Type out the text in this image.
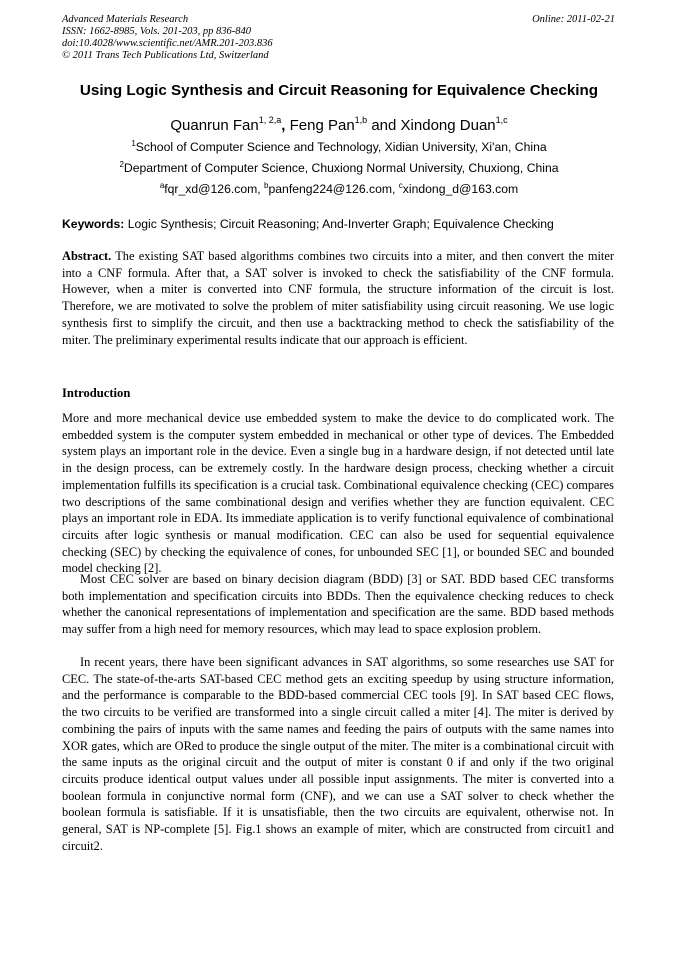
Advanced Materials Research
ISSN: 1662-8985, Vols. 201-203, pp 836-840
doi:10.4028/www.scientific.net/AMR.201-203.836
© 2011 Trans Tech Publications Ltd, Switzerland
Online: 2011-02-21
Using Logic Synthesis and Circuit Reasoning for Equivalence Checking
Quanrun Fan$^{1, 2,a}$, Feng Pan$^{1,b}$ and Xindong Duan$^{1,c}$
$^1$School of Computer Science and Technology, Xidian University, Xi'an, China
$^2$Department of Computer Science, Chuxiong Normal University, Chuxiong, China
$^a$fqr_xd@126.com, $^b$panfeng224@126.com, $^c$xindong_d@163.com
Keywords: Logic Synthesis; Circuit Reasoning; And-Inverter Graph; Equivalence Checking
Abstract. The existing SAT based algorithms combines two circuits into a miter, and then convert the miter into a CNF formula. After that, a SAT solver is invoked to check the satisfiability of the CNF formula. However, when a miter is converted into CNF formula, the structure information of the circuit is lost. Therefore, we are motivated to solve the problem of miter satisfiability using circuit reasoning. We use logic synthesis first to simplify the circuit, and then use a backtracking method to check the satisfiability of the miter. The preliminary experimental results indicate that our approach is efficient.
Introduction
More and more mechanical device use embedded system to make the device to do complicated work. The embedded system is the computer system embedded in mechanical or other type of devices. The Embedded system plays an important role in the device. Even a single bug in a hardware design, if not detected until late in the design process, can be extremely costly. In the hardware design process, checking whether a circuit implementation fulfills its specification is a crucial task. Combinational equivalence checking (CEC) compares two descriptions of the same combinational design and verifies whether they are function equivalent. CEC plays an important role in EDA. Its immediate application is to verify functional equivalence of combinational circuits after logic synthesis or manual modification. CEC can also be used for sequential equivalence checking (SEC) by checking the equivalence of cones, for unbounded SEC [1], or bounded SEC and bounded model checking [2].
Most CEC solver are based on binary decision diagram (BDD) [3] or SAT. BDD based CEC transforms both implementation and specification circuits into BDDs. Then the equivalence checking reduces to check whether the canonical representations of implementation and specification are the same. BDD based methods may suffer from a high need for memory resources, which may lead to space explosion problem.
In recent years, there have been significant advances in SAT algorithms, so some researches use SAT for CEC. The state-of-the-arts SAT-based CEC method gets an exciting speedup by using structure information, and the performance is comparable to the BDD-based commercial CEC tools [9]. In SAT based CEC flows, the two circuits to be verified are transformed into a single circuit called a miter [4]. The miter is derived by combining the pairs of inputs with the same names and feeding the pairs of outputs with the same names into XOR gates, which are ORed to produce the single output of the miter. The miter is a combinational circuit with the same inputs as the original circuit and the output of miter is constant 0 if and only if the two original circuits produce identical output values under all possible input assignments. The miter is converted into a boolean formula in conjunctive normal form (CNF), and we can use a SAT solver to check whether the boolean formula is satisfiable. If it is unsatisfiable, then the two circuits are equivalent, otherwise not. In general, SAT is NP-complete [5]. Fig.1 shows an example of miter, which are constructed from circuit1 and circuit2.
